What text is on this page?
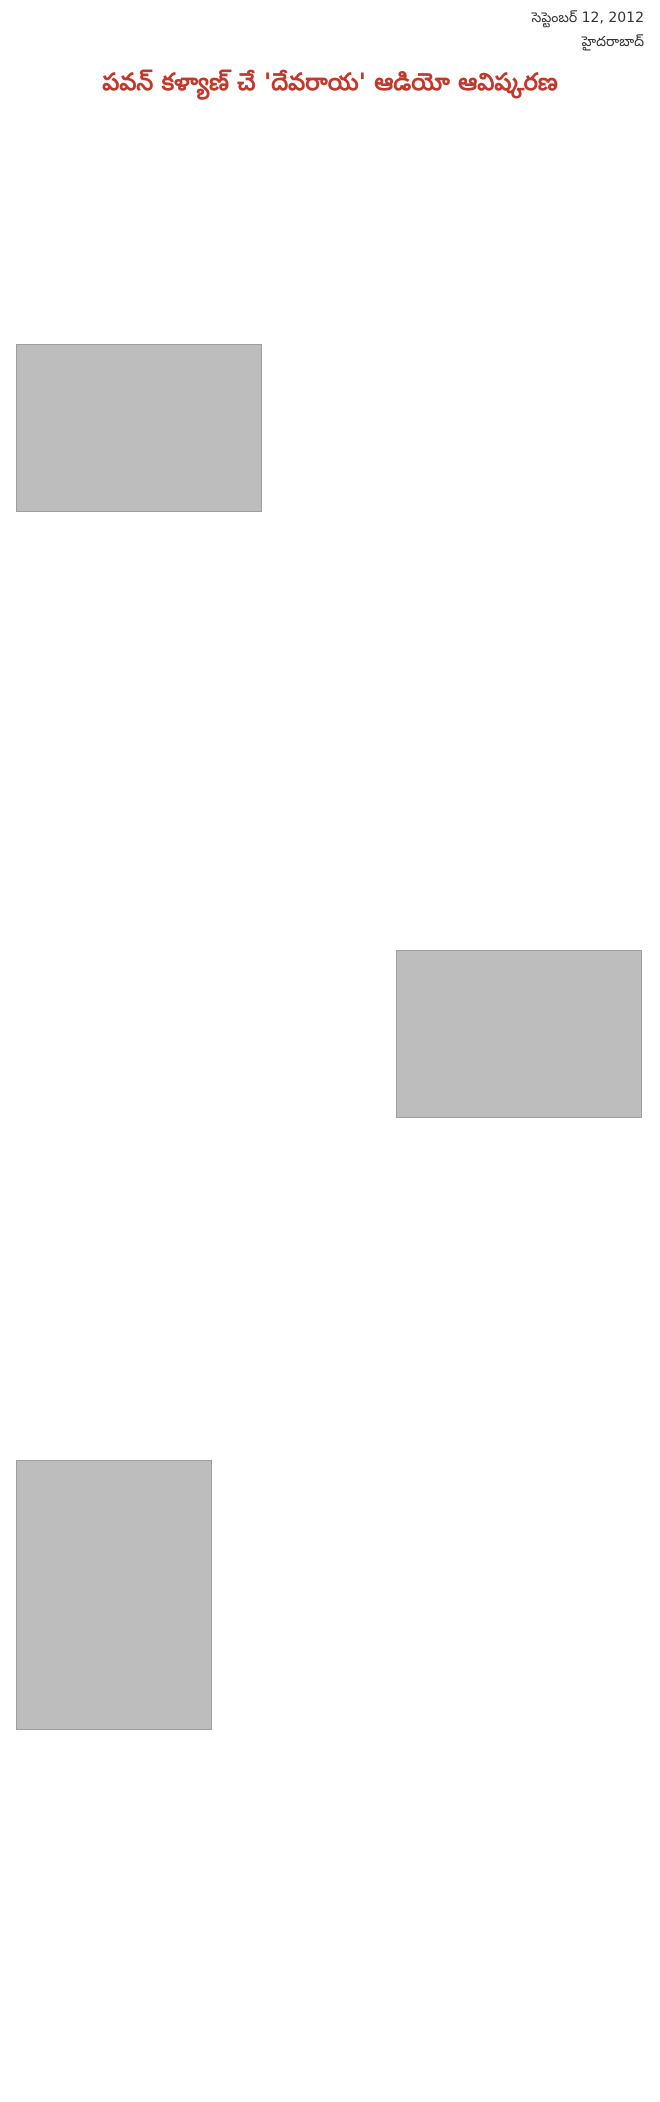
సెప్టెంబర్ 12, 2012
హైదరాబాద్
పవన్ కళ్యాణ్ చే 'దేవరాయ' ఆడియో ఆవిష్కరణ
